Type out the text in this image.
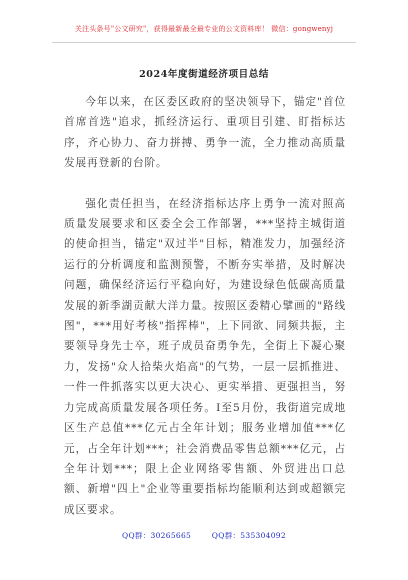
关注头条号"公文研究"，获得最新最全最专业的公文资料库！ 微信：gongwenyj
2024年度街道经济项目总结

今年以来，在区委区政府的坚决领导下，锚定"首位首席首选"追求，抓经济运行、重项目引建、盯指标达序，齐心协力、奋力拼搏、勇争一流，全力推动高质量发展再登新的台阶。

强化责任担当，在经济指标达序上勇争一流对照高质量发展要求和区委全会工作部署，***坚持主城街道的使命担当，锚定"双过半"目标，精准发力，加强经济运行的分析调度和监测预警，不断夯实举措，及时解决问题，确保经济运行平稳向好，为建设绿色低碳高质量发展的新季湖贡献大洋力量。按照区委精心擘画的"路线图"，***用好考核"指挥棒"，上下同欲、同频共振，主要领导身先士卒，班子成员奋勇争先，全街上下凝心聚力，发扬"众人拾柴火焰高"的气势，一层一层抓推进、一件一件抓落实以更大决心、更实举措、更强担当，努力完成高质量发展各项任务。I至5月份，我街道完成地区生产总值***亿元占全年计划；服务业增加值***亿元，占全年计划***；社会消费品零售总额***亿元，占全年计划***；限上企业网络零售额、外贸进出口总额、新增"四上"企业等重要指标均能顺利达到或超额完成区要求。

QQ群：30265665	QQ群：535304092
